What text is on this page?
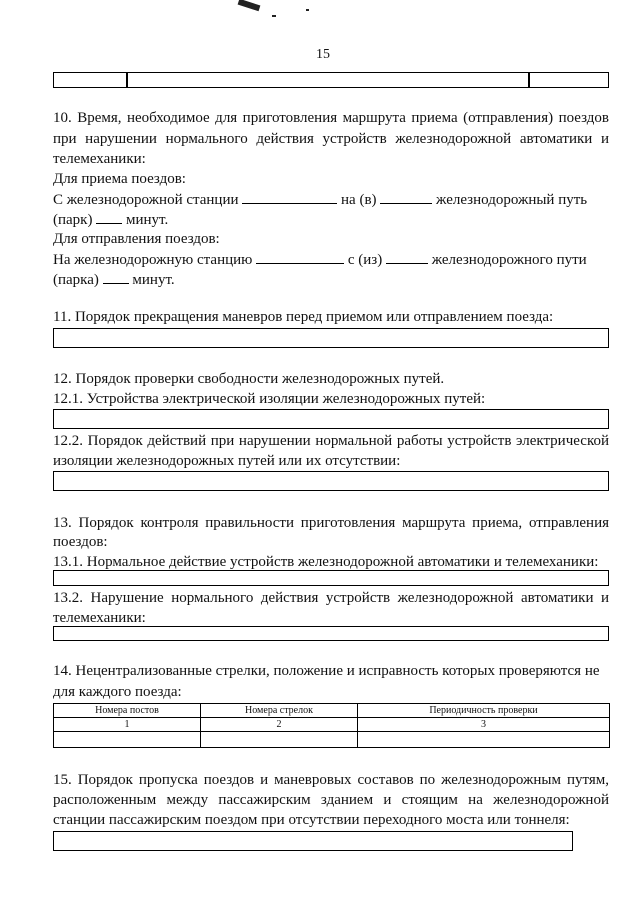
15
10. Время, необходимое для приготовления маршрута приема (отправления) поездов
при нарушении нормального действия устройств железнодорожной автоматики и
телемеханики:
Для приема поездов:
С железнодорожной станции	на (в)	железнодорожный путь
(парк) минут.
Для отправления поездов:
На железнодорожную станцию	с (из)	железнодорожного пути
(парка) минут.
11. Порядок прекращения маневров перед приемом или отправлением поезда:
12. Порядок проверки свободности железнодорожных путей.
12.1. Устройства электрической изоляции железнодорожных путей:
12.2. Порядок действий при нарушении нормальной работы устройств электрической
изоляции железнодорожных путей или их отсутствии:
13. Порядок контроля правильности приготовления маршрута приема, отправления
поездов:
13.1. Нормальное действие устройств железнодорожной автоматики и телемеханики:
13.2. Нарушение нормального действия устройств железнодорожной автоматики и
телемеханики:
14. Нецентрализованные стрелки, положение и исправность которых проверяются не
для каждого поезда:
Номера постов	Номера стрелок	Периодичность проверки
1	2	3

15. Порядок пропуска поездов и маневровых составов по железнодорожным путям,
расположенным между пассажирским зданием и стоящим на железнодорожной
станции пассажирским поездом при отсутствии переходного моста или тоннеля:
